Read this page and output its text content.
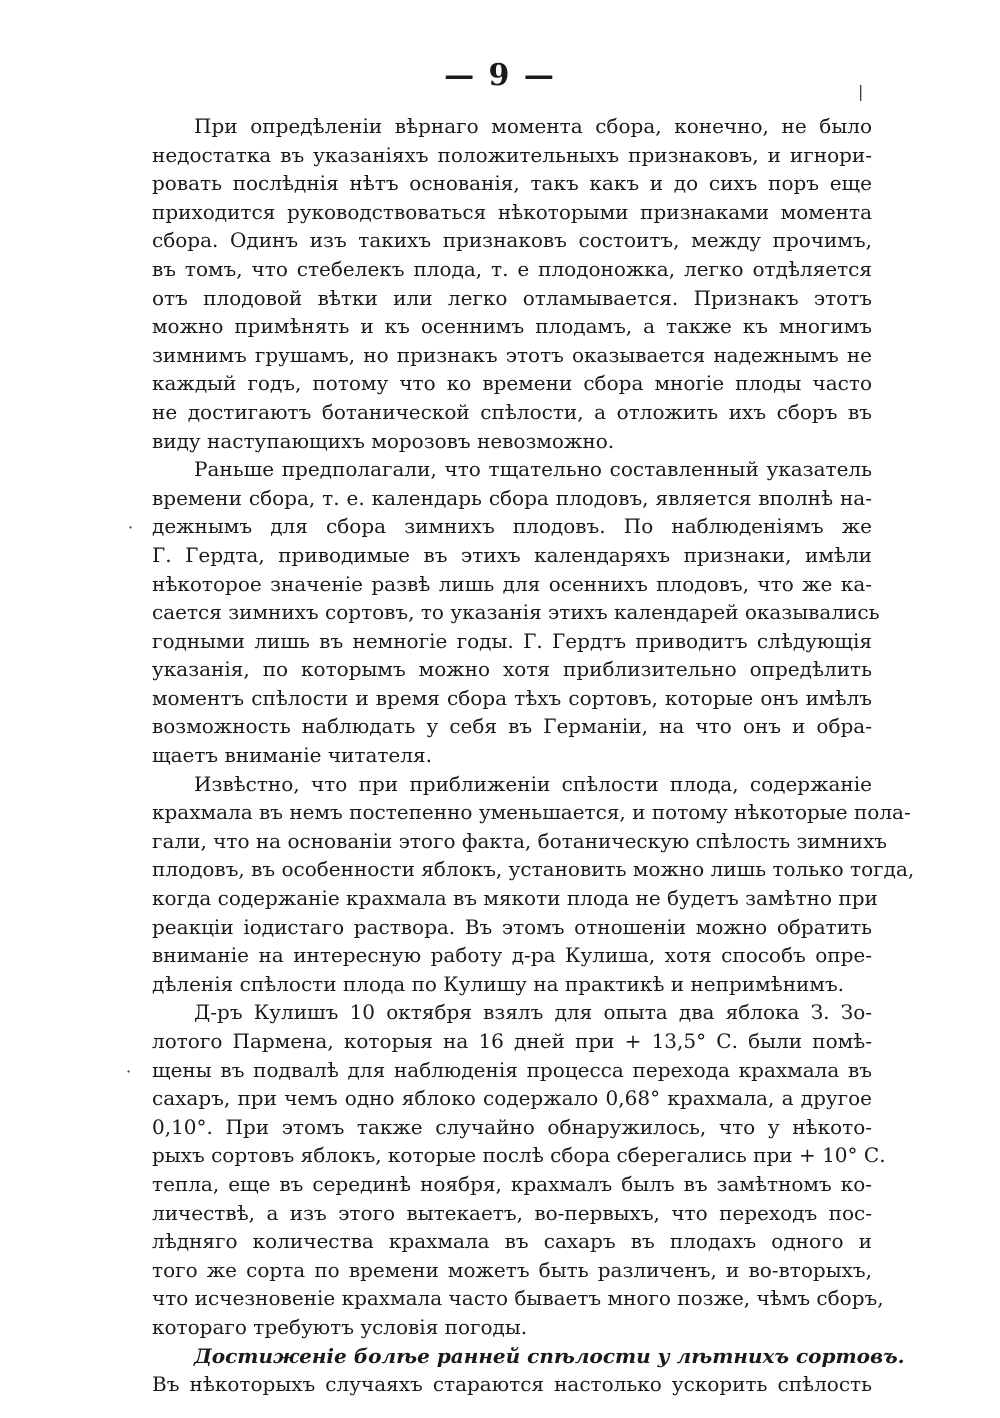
— 9 —	|
·
·
При опредѣленіи вѣрнаго момента сбора, конечно, не было
недостатка въ указаніяхъ положительныхъ признаковъ, и игнори-
ровать послѣднія нѣтъ основанія, такъ какъ и до сихъ поръ еще
приходится руководствоваться нѣкоторыми признаками момента
сбора. Одинъ изъ такихъ признаковъ состоитъ, между прочимъ,
въ томъ, что стебелекъ плода, т. е плодоножка, легко отдѣляется
отъ плодовой вѣтки или легко отламывается. Признакъ этотъ
можно примѣнять и къ осеннимъ плодамъ, а также къ многимъ
зимнимъ грушамъ, но признакъ этотъ оказывается надежнымъ не
каждый годъ, потому что ко времени сбора многіе плоды часто
не достигаютъ ботанической спѣлости, а отложить ихъ сборъ въ
виду наступающихъ морозовъ невозможно.
Раньше предполагали, что тщательно составленный указатель
времени сбора, т. е. календарь сбора плодовъ, является вполнѣ на-
дежнымъ для сбора зимнихъ плодовъ. По наблюденіямъ же
Г. Гердта, приводимые въ этихъ календаряхъ признаки, имѣли
нѣкоторое значеніе развѣ лишь для осеннихъ плодовъ, что же ка-
сается зимнихъ сортовъ, то указанія этихъ календарей оказывались
годными лишь въ немногіе годы. Г. Гердтъ приводитъ слѣдующія
указанія, по которымъ можно хотя приблизительно опредѣлить
моментъ спѣлости и время сбора тѣхъ сортовъ, которые онъ имѣлъ
возможность наблюдать у себя въ Германіи, на что онъ и обра-
щаетъ вниманіе читателя.
Извѣстно, что при приближеніи спѣлости плода, содержаніе
крахмала въ немъ постепенно уменьшается, и потому нѣкоторые пола-
гали, что на основаніи этого факта, ботаническую спѣлость зимнихъ
плодовъ, въ особенности яблокъ, установить можно лишь только тогда,
когда содержаніе крахмала въ мякоти плода не будетъ замѣтно при
реакціи іодистаго раствора. Въ этомъ отношеніи можно обратить
вниманіе на интересную работу д-ра Кулиша, хотя способъ опре-
дѣленія спѣлости плода по Кулишу на практикѣ и непримѣнимъ.
Д-ръ Кулишъ 10 октября взялъ для опыта два яблока З. Зо-
лотого Пармена, которыя на 16 дней при + 13,5° С. были помѣ-
щены въ подвалѣ для наблюденія процесса перехода крахмала въ
сахаръ, при чемъ одно яблоко содержало 0,68° крахмала, а другое
0,10°. При этомъ также случайно обнаружилось, что у нѣкото-
рыхъ сортовъ яблокъ, которые послѣ сбора сберегались при + 10° С.
тепла, еще въ серединѣ ноября, крахмалъ былъ въ замѣтномъ ко-
личествѣ, а изъ этого вытекаетъ, во-первыхъ, что переходъ пос-
лѣдняго количества крахмала въ сахаръ въ плодахъ одного и
того же сорта по времени можетъ быть различенъ, и во-вторыхъ,
что исчезновеніе крахмала часто бываетъ много позже, чѣмъ сборъ,
котораго требуютъ условія погоды.
Достиженіе болѣе ранней спѣлости у лѣтнихъ сортовъ.
Въ нѣкоторыхъ случаяхъ стараются настолько ускорить спѣлость
